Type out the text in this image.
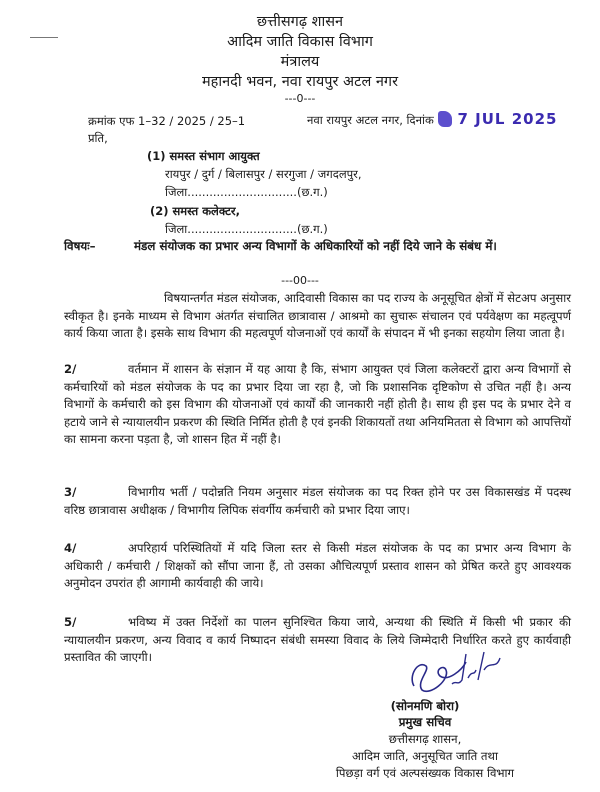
छत्तीसगढ़ शासन
आदिम जाति विकास विभाग
मंत्रालय
महानदी भवन, नवा रायपुर अटल नगर
---0---
क्रमांक एफ 1–32 / 2025 / 25–1	नवा रायपुर अटल नगर, दिनांक 7 JUL 2025
प्रति,
(1) समस्त संभाग आयुक्त
रायपुर / दुर्ग / बिलासपुर / सरगुजा / जगदलपुर,
जिला..............................(छ.ग.)
(2) समस्त कलेक्टर,
जिला..............................(छ.ग.)
विषयः–	मंडल संयोजक का प्रभार अन्य विभागों के अधिकारियों को नहीं दिये जाने के संबंध में।
---00---
विषयान्तर्गत मंडल संयोजक, आदिवासी विकास का पद राज्य के अनूसूचित क्षेत्रों में सेटअप अनुसार स्वीकृत है। इनके माध्यम से विभाग अंतर्गत संचालित छात्रावास / आश्रमो का सुचारू संचालन एवं पर्यवेक्षण का महत्वूपर्ण कार्य किया जाता है। इसके साथ विभाग की महत्वपूर्ण योजनाओं एवं कार्यों के संपादन में भी इनका सहयोग लिया जाता है।
2/	वर्तमान में शासन के संज्ञान में यह आया है कि, संभाग आयुक्त एवं जिला कलेक्टरों द्वारा अन्य विभागों से कर्मचारियों को मंडल संयोजक के पद का प्रभार दिया जा रहा है, जो कि प्रशासनिक दृष्टिकोण से उचित नहीं है। अन्य विभागों के कर्मचारी को इस विभाग की योजनाओं एवं कार्यों की जानकारी नहीं होती है। साथ ही इस पद के प्रभार देने व हटाये जाने से न्यायालयीन प्रकरण की स्थिति निर्मित होती है एवं इनकी शिकायतों तथा अनियमितता से विभाग को आपत्तियों का सामना करना पड़ता है, जो शासन हित में नहीं है।
3/	विभागीय भर्ती / पदोन्नति नियम अनुसार मंडल संयोजक का पद रिक्त होने पर उस विकासखंड में पदस्थ वरिष्ठ छात्रावास अधीक्षक / विभागीय लिपिक संवर्गीय कर्मचारी को प्रभार दिया जाए।
4/	अपरिहार्य परिस्थितियों में यदि जिला स्तर से किसी मंडल संयोजक के पद का प्रभार अन्य विभाग के अधिकारी / कर्मचारी / शिक्षकों को सौंपा जाना हैं, तो उसका औचित्यपूर्ण प्रस्ताव शासन को प्रेषित करते हुए आवश्यक अनुमोदन उपरांत ही आगामी कार्यवाही की जाये।
5/	भविष्य में उक्त निर्देशों का पालन सुनिश्चित किया जाये, अन्यथा की स्थिति में किसी भी प्रकार की न्यायालयीन प्रकरण, अन्य विवाद व कार्य निष्पादन संबंधी समस्या विवाद के लिये जिम्मेदारी निर्धारित करते हुए कार्यवाही प्रस्तावित की जाएगी।
(सोनमणि बोरा)
प्रमुख सचिव
छत्तीसगढ़ शासन,
आदिम जाति, अनुसूचित जाति तथा
पिछड़ा वर्ग एवं अल्पसंख्यक विकास विभाग
